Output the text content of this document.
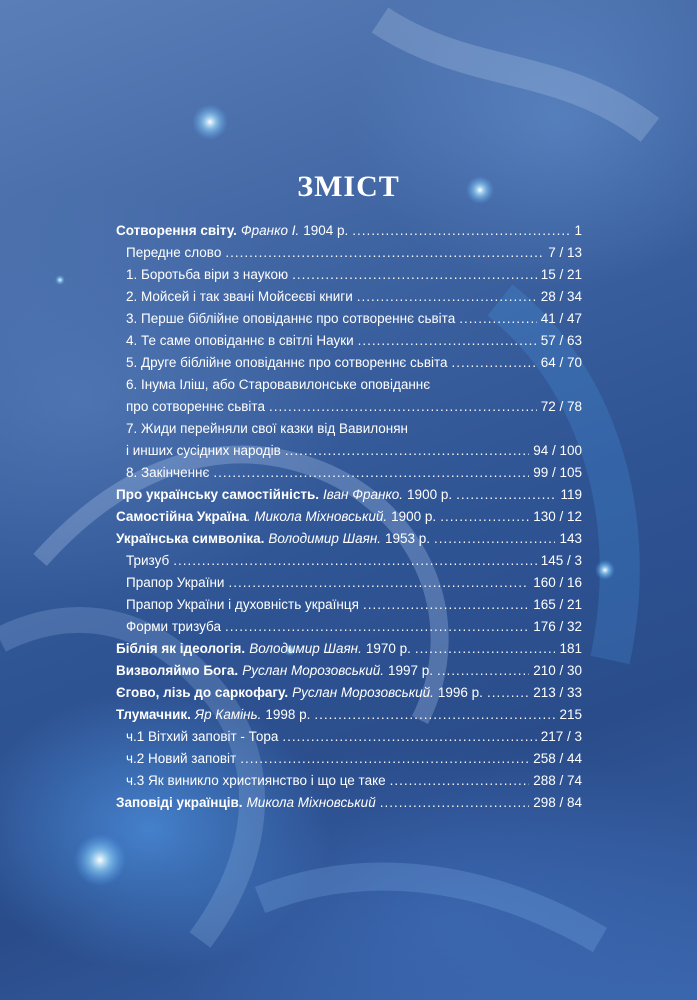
ЗМІСТ
Сотворення світу. Франко І. 1904 р. .....	1
Передне слово .....	7 / 13
1. Боротьба віри з наукою .....	15 / 21
2. Мойсей і так звані Мойсеєві книги .....	28 / 34
3. Перше біблійне оповіданнє про сотвореннє сьвіта .....	41 / 47
4. Те саме оповіданнє в світлі Науки .....	57 / 63
5. Друге біблійне оповіданнє про сотвореннє сьвіта .....	64 / 70
6. Інума Іліш, або Старовавилонське оповіданнє
про сотвореннє сьвіта .....	72 / 78
7. Жиди перейняли свої казки від Вавилонян
і инших сусідних народів .....	94 / 100
8. Закінченнє .....	99 / 105
Про українську самостійність. Іван Франко. 1900 р. .....	119
Самостійна Україна . Микола Міхновський. 1900 р. .....	130 / 12
Українська символіка. Володимир Шаян. 1953 р. .....	143
Тризуб .....	145 / 3
Прапор України .....	160 / 16
Прапор України і духовність українця .....	165 / 21
Форми тризуба .....	176 / 32
Біблія як ідеологія. Володимир Шаян. 1970 р. .....	181
Визволяймо Бога. Руслан Морозовський. 1997 р. .....	210 / 30
Єгово, лізь до саркофагу. Руслан Морозовський. 1996 р. .....	213 / 33
Тлумачник. Яр Камінь. 1998 р. .....	215
ч.1 Вітхий заповіт - Тора .....	217 / 3
ч.2 Новий заповіт .....	258 / 44
ч.3 Як виникло християнство і що це таке .....	288 / 74
Заповіді українців. Микола Міхновський .....	298 / 84
